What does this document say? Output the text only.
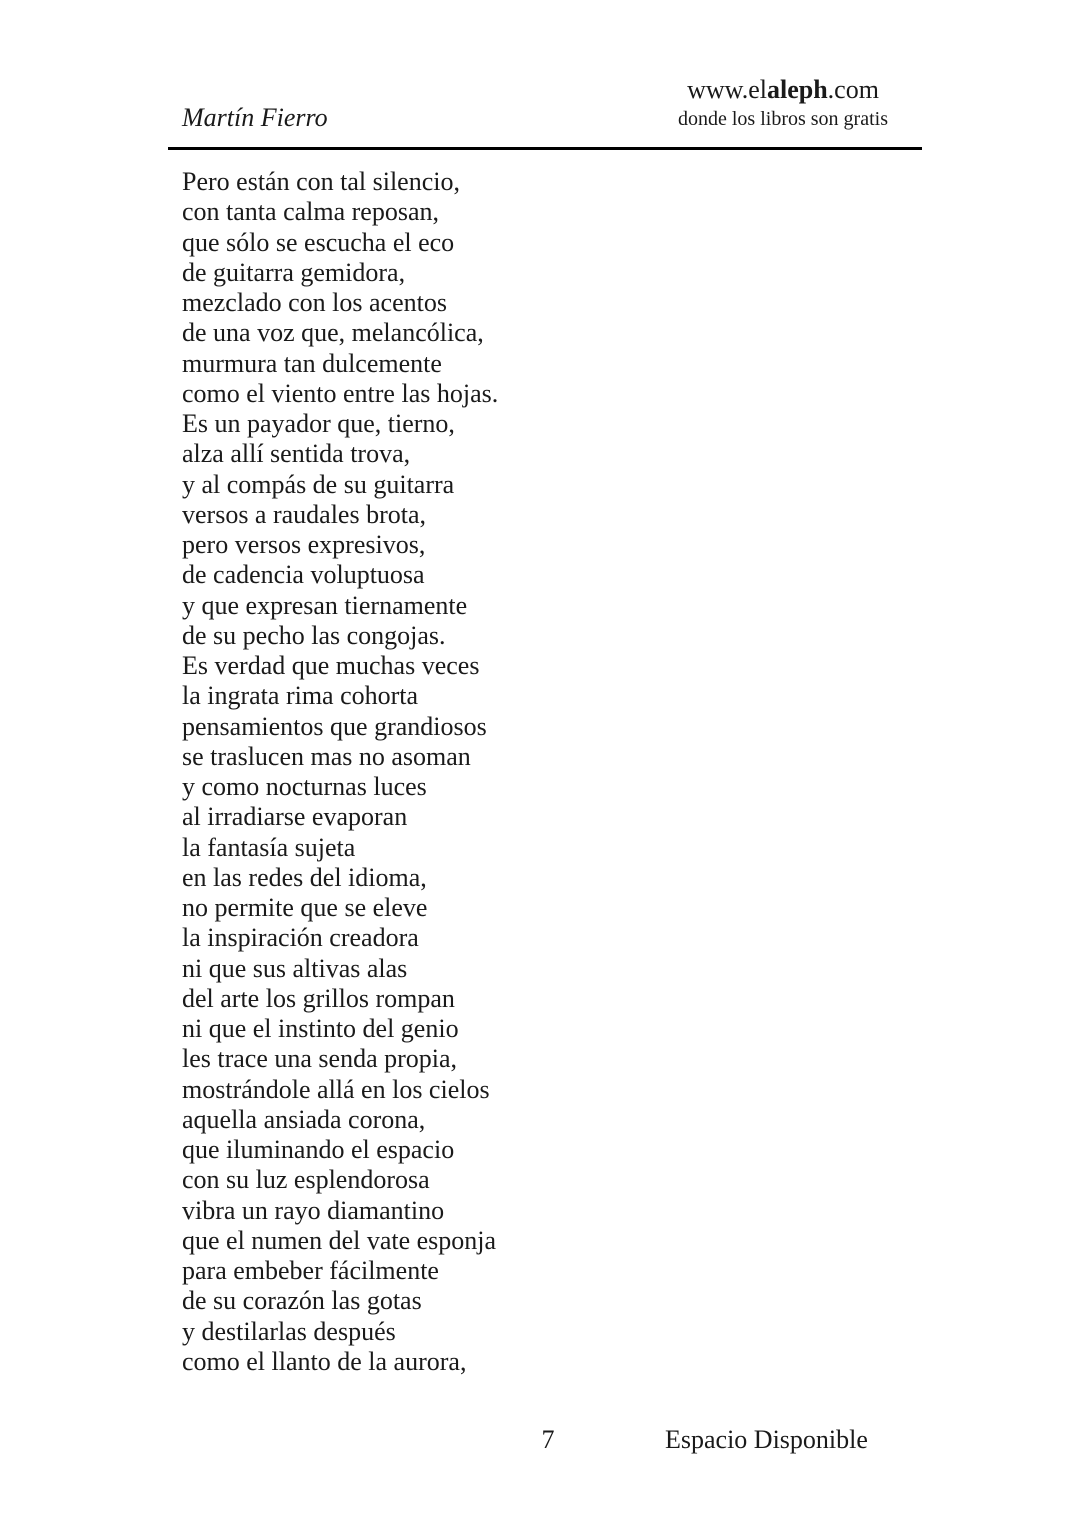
www.elaleph.com
donde los libros son gratis
Martín Fierro
Pero están con tal silencio,
con tanta calma reposan,
que sólo se escucha el eco
de guitarra gemidora,
mezclado con los acentos
de una voz que, melancólica,
murmura tan dulcemente
como el viento entre las hojas.
Es un payador que, tierno,
alza allí sentida trova,
y al compás de su guitarra
versos a raudales brota,
pero versos expresivos,
de cadencia voluptuosa
y que expresan tiernamente
de su pecho las congojas.
Es verdad que muchas veces
la ingrata rima cohorta
pensamientos que grandiosos
se traslucen mas no asoman
y como nocturnas luces
al irradiarse evaporan
la fantasía sujeta
en las redes del idioma,
no permite que se eleve
la inspiración creadora
ni que sus altivas alas
del arte los grillos rompan
ni que el instinto del genio
les trace una senda propia,
mostrándole allá en los cielos
aquella ansiada corona,
que iluminando el espacio
con su luz esplendorosa
vibra un rayo diamantino
que el numen del vate esponja
para embeber fácilmente
de su corazón las gotas
y destilarlas después
como el llanto de la aurora,
7	Espacio Disponible
